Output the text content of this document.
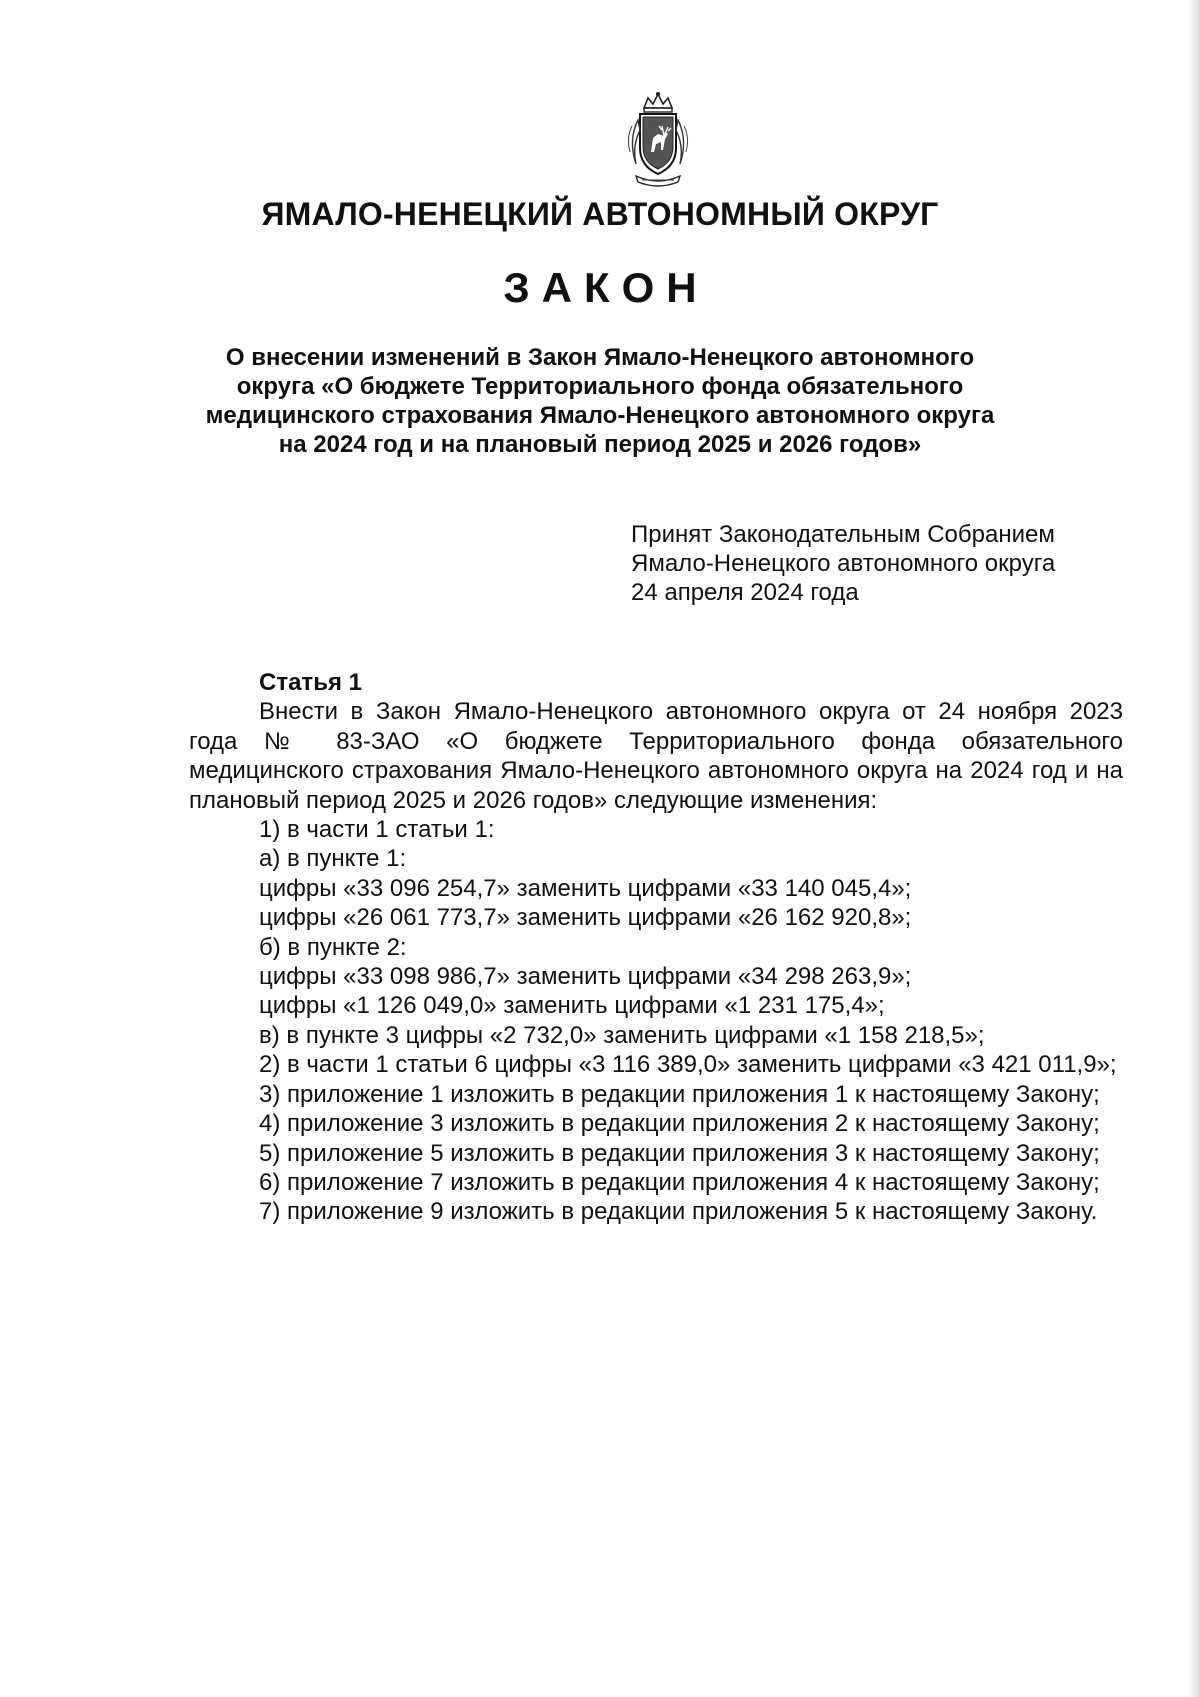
ЯМАЛО-НЕНЕЦКИЙ АВТОНОМНЫЙ ОКРУГ
ЗАКОН
О внесении изменений в Закон Ямало-Ненецкого автономного
округа «О бюджете Территориального фонда обязательного
медицинского страхования Ямало-Ненецкого автономного округа
на 2024 год и на плановый период 2025 и 2026 годов»
Принят Законодательным Собранием
Ямало-Ненецкого автономного округа
24 апреля 2024 года
Статья 1
Внести в Закон Ямало-Ненецкого автономного округа от 24 ноября 2023 года № 83-ЗАО «О бюджете Территориального фонда обязательного медицинского страхования Ямало-Ненецкого автономного округа на 2024 год и на плановый период 2025 и 2026 годов» следующие изменения:
1) в части 1 статьи 1:
а) в пункте 1:
цифры «33 096 254,7» заменить цифрами «33 140 045,4»;
цифры «26 061 773,7» заменить цифрами «26 162 920,8»;
б) в пункте 2:
цифры «33 098 986,7» заменить цифрами «34 298 263,9»;
цифры «1 126 049,0» заменить цифрами «1 231 175,4»;
в) в пункте 3 цифры «2 732,0» заменить цифрами «1 158 218,5»;
2) в части 1 статьи 6 цифры «3 116 389,0» заменить цифрами «3 421 011,9»;
3) приложение 1 изложить в редакции приложения 1 к настоящему Закону;
4) приложение 3 изложить в редакции приложения 2 к настоящему Закону;
5) приложение 5 изложить в редакции приложения 3 к настоящему Закону;
6) приложение 7 изложить в редакции приложения 4 к настоящему Закону;
7) приложение 9 изложить в редакции приложения 5 к настоящему Закону.
